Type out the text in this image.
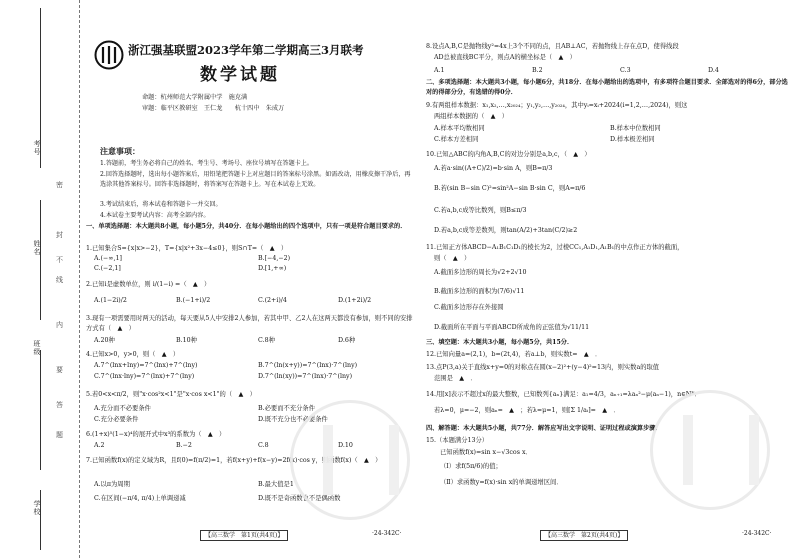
考号
班级
学校
姓名
密
封
线
内
不
要
答
题
浙江强基联盟2023学年第二学期高三3月联考
数学试题
命题：杭州师范大学附属中学　施克满
审题：临平区教研室　王仁龙　　杭十四中　朱成万
注意事项：
1.答题前，考生务必将自己的姓名、考生号、考场号、座位号填写在答题卡上。
2.回答选择题时，选出每小题答案后，用铅笔把答题卡上对应题目的答案标号涂黑。如需改动，用橡皮擦干净后，再选涂其他答案标号。回答非选择题时，将答案写在答题卡上。写在本试卷上无效。
3.考试结束后，将本试卷和答题卡一并交回。
4.本试卷主要考试内容：高考全部内容。
一、单项选择题：本大题共8小题，每小题5分，共40分．在每小题给出的四个选项中，只有一项是符合题目要求的．
1.已知集合S={x|x>−2}，T={x|x²+3x−4≤0}，则S∩T=（　▲　）
A.(−∞,1]	B.[−4,−2)
C.(−2,1]	D.[1,+∞)
2.已知i是虚数单位，则 i/(1−i) =（　▲　）
A.(1−2i)/2	B.(−1+i)/2	C.(2+i)/4	D.(1+2i)/2
3.现有一项需要用时两天的活动，每天要从5人中安排2人参加，若其中甲、乙2人在这两天都没有参加，则不同的安排方式有（　▲　）
A.20种	B.10种	C.8种	D.6种
4.已知x>0，y>0，则（　▲　）
A.7^(lnx+lny)=7^(lnx)+7^(lny)	B.7^(ln(x+y))=7^(lnx)·7^(lny)
C.7^(lnx·lny)=7^(lnx)+7^(lny)	D.7^(ln(xy))=7^(lnx)·7^(lny)
5.若0<x<π/2，则"x·cos²x<1"是"x·cos x<1"的（　▲　）
A.充分而不必要条件	B.必要而不充分条件
C.充分必要条件	D.既不充分也不必要条件
6.(1+x)⁵(1−x)⁴的展开式中x³的系数为（　▲　）
A.2	B.−2	C.8	D.10
7.已知函数f(x)的定义域为R，且f(0)=f(π/2)=1，若f(x+y)+f(x−y)=2f(x)·cos y，则函数f(x)（　▲　）
A.以π为周期	B.最大值是1
C.在区间(−π/4, π/4)上单调递减	D.既不是奇函数也不是偶函数
【高三数学　第1页(共4页)】	·24-342C·
8.设点A,B,C是抛物线y²=4x上3个不同的点，且AB⊥AC，若抛物线上存在点D，使得线段
AD总被直线BC平分，则点A的横坐标是（　▲　）
A.1	B.2	C.3	D.4
二、多项选择题：本大题共3小题，每小题6分，共18分．在每小题给出的选项中，有多项符合题目要求．全部选对的得6分，部分选对的得部分分，有选错的得0分．
9.有两组样本数据：x₁,x₂,…,x₂₀₂₄；y₁,y₂,…,y₂₀₂₄，其中yᵢ=xᵢ+2024(i=1,2,…,2024)，则这
两组样本数据的（　▲　）
A.样本平均数相同	B.样本中位数相同
C.样本方差相同	D.样本极差相同
10.已知△ABC的内角A,B,C的对边分别是a,b,c，（　▲　）
A.若a·sin((A+C)/2)=b·sin A，则B=π/3
B.若(sin B−sin C)²=sin²A−sin B·sin C，则A=π/6
C.若a,b,c成等比数列，则B≤π/3
D.若a,b,c成等差数列，则tan(A/2)+3tan(C/2)≥2
11.已知正方体ABCD−A₁B₁C₁D₁的棱长为2，过棱CC₁,A₁D₁,A₁B₁的中点作正方体的截面，
则（　▲　）
A.截面多边形的周长为√2+2√10
B.截面多边形的面积为(7/6)√11
C.截面多边形存在外接圆
D.截面所在平面与平面ABCD所成角的正弦值为√11/11
三、填空题：本大题共3小题，每小题5分，共15分．
12.已知向量a=(2,1)，b=(2t,4)，若a⊥b，则实数t=　▲　．
13.点P(3,a)关于直线x+y=0的对称点在圆(x−2)²+(y−4)²=13内，则实数a的取值
范围是　▲　．
14.用[x]表示不超过x的最大整数，已知数列{aₙ}满足：a₁=4/3，aₙ₊₁=λaₙ²−μ(aₙ−1)，n∈N*．
若λ=0，μ=−2，则aₙ=　▲　；若λ=μ=1，则[Σ 1/aᵢ]=　▲　．
四、解答题：本大题共5小题，共77分．解答应写出文字说明、证明过程或演算步骤．
15.（本题满分13分）
已知函数f(x)=sin x−√3cos x．
（Ⅰ）求f(5π/6)的值；
（Ⅱ）求函数y=f(x)·sin x的单调递增区间．
【高三数学　第2页(共4页)】	·24-342C·
